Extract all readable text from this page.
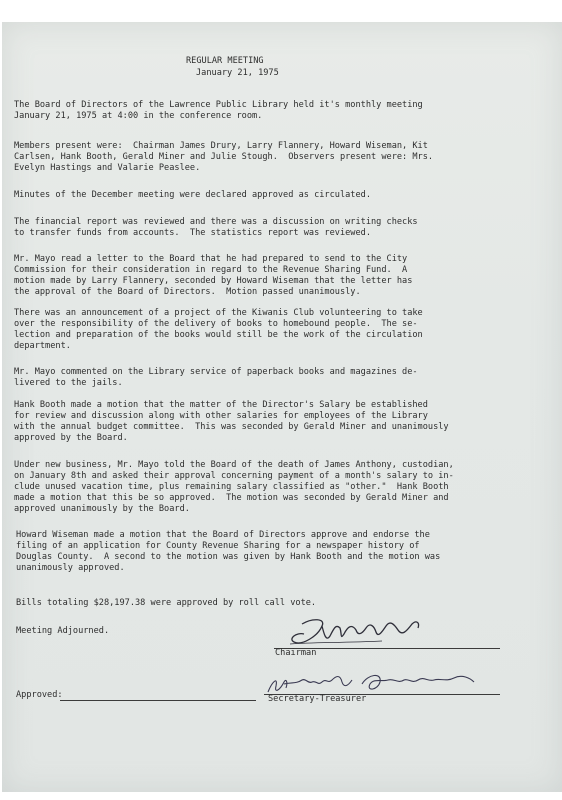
REGULAR MEETING

January 21, 1975

The Board of Directors of the Lawrence Public Library held it's monthly meeting

January 21, 1975 at 4:00 in the conference room.

Members present were:  Chairman James Drury, Larry Flannery, Howard Wiseman, Kit

Carlsen, Hank Booth, Gerald Miner and Julie Stough.  Observers present were: Mrs.

Evelyn Hastings and Valarie Peaslee.

Minutes of the December meeting were declared approved as circulated.

The financial report was reviewed and there was a discussion on writing checks

to transfer funds from accounts.  The statistics report was reviewed.

Mr. Mayo read a letter to the Board that he had prepared to send to the City

Commission for their consideration in regard to the Revenue Sharing Fund.  A

motion made by Larry Flannery, seconded by Howard Wiseman that the letter has

the approval of the Board of Directors.  Motion passed unanimously.

There was an announcement of a project of the Kiwanis Club volunteering to take

over the responsibility of the delivery of books to homebound people.  The se-

lection and preparation of the books would still be the work of the circulation

department.

Mr. Mayo commented on the Library service of paperback books and magazines de-

livered to the jails.

Hank Booth made a motion that the matter of the Director's Salary be established

for review and discussion along with other salaries for employees of the Library

with the annual budget committee.  This was seconded by Gerald Miner and unanimously

approved by the Board.

Under new business, Mr. Mayo told the Board of the death of James Anthony, custodian,

on January 8th and asked their approval concerning payment of a month's salary to in-

clude unused vacation time, plus remaining salary classified as "other."  Hank Booth

made a motion that this be so approved.  The motion was seconded by Gerald Miner and

approved unanimously by the Board.

Howard Wiseman made a motion that the Board of Directors approve and endorse the

filing of an application for County Revenue Sharing for a newspaper history of

Douglas County.  A second to the motion was given by Hank Booth and the motion was

unanimously approved.

Bills totaling $28,197.38 were approved by roll call vote.

Meeting Adjourned.

Chairman

Approved:	Secretary-Treasurer
